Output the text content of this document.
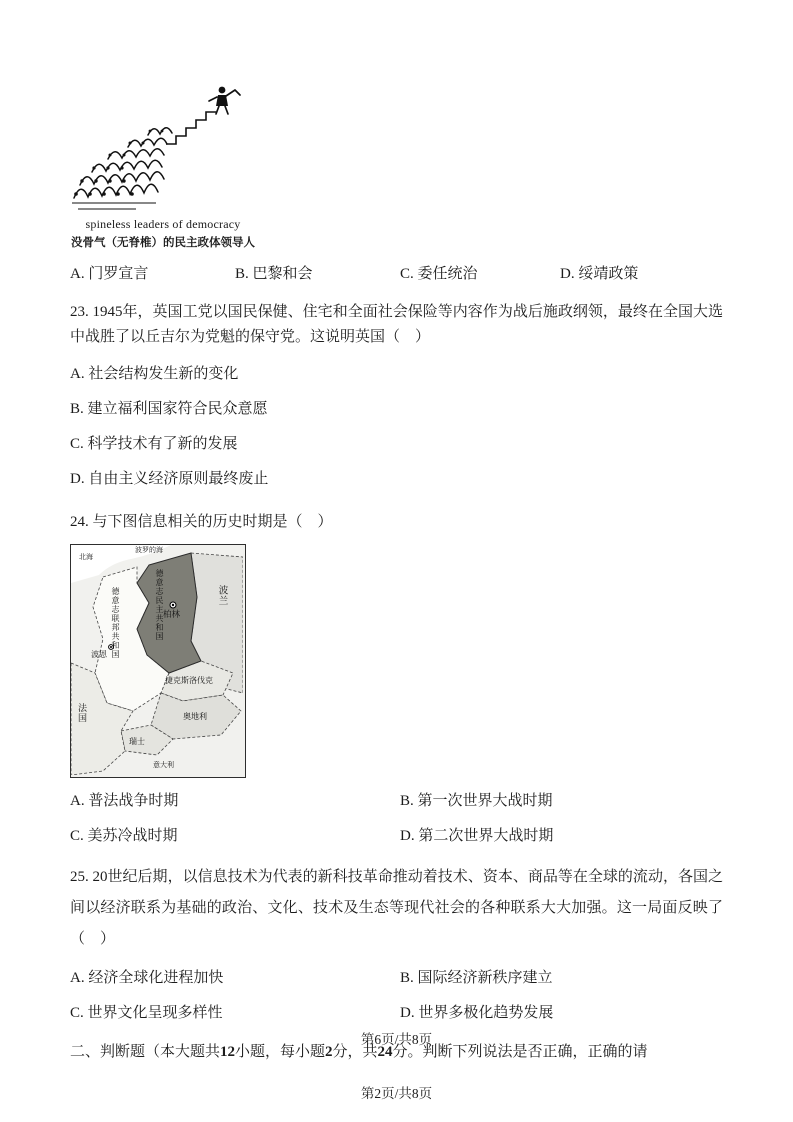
spineless leaders of democracy
没骨气（无脊椎）的民主政体领导人
A. 门罗宣言	B. 巴黎和会	C. 委任统治	D. 绥靖政策

23. 1945年，英国工党以国民保健、住宅和全面社会保险等内容作为战后施政纲领，最终在全国大选中战胜了以丘吉尔为党魁的保守党。这说明英国（　）

A. 社会结构发生新的变化
B. 建立福利国家符合民众意愿
C. 科学技术有了新的发展
D. 自由主义经济原则最终废止

24. 与下图信息相关的历史时期是（　）

波罗的海
北海
波兰
德意志民主共和国 柏林
德意志联邦共和国
波恩
捷克斯洛伐克
法国
瑞士
奥地利
意大利
A. 普法战争时期	B. 第一次世界大战时期
C. 美苏冷战时期	D. 第二次世界大战时期

25. 20世纪后期，以信息技术为代表的新科技革命推动着技术、资本、商品等在全球的流动，各国之间以经济联系为基础的政治、文化、技术及生态等现代社会的各种联系大大加强。这一局面反映了（　）

A. 经济全球化进程加快	B. 国际经济新秩序建立
C. 世界文化呈现多样性	D. 世界多极化趋势发展

二、判断题（本大题共12小题，每小题2分，共24分。判断下列说法是否正确，正确的请

第6页/共8页
第2页/共8页
